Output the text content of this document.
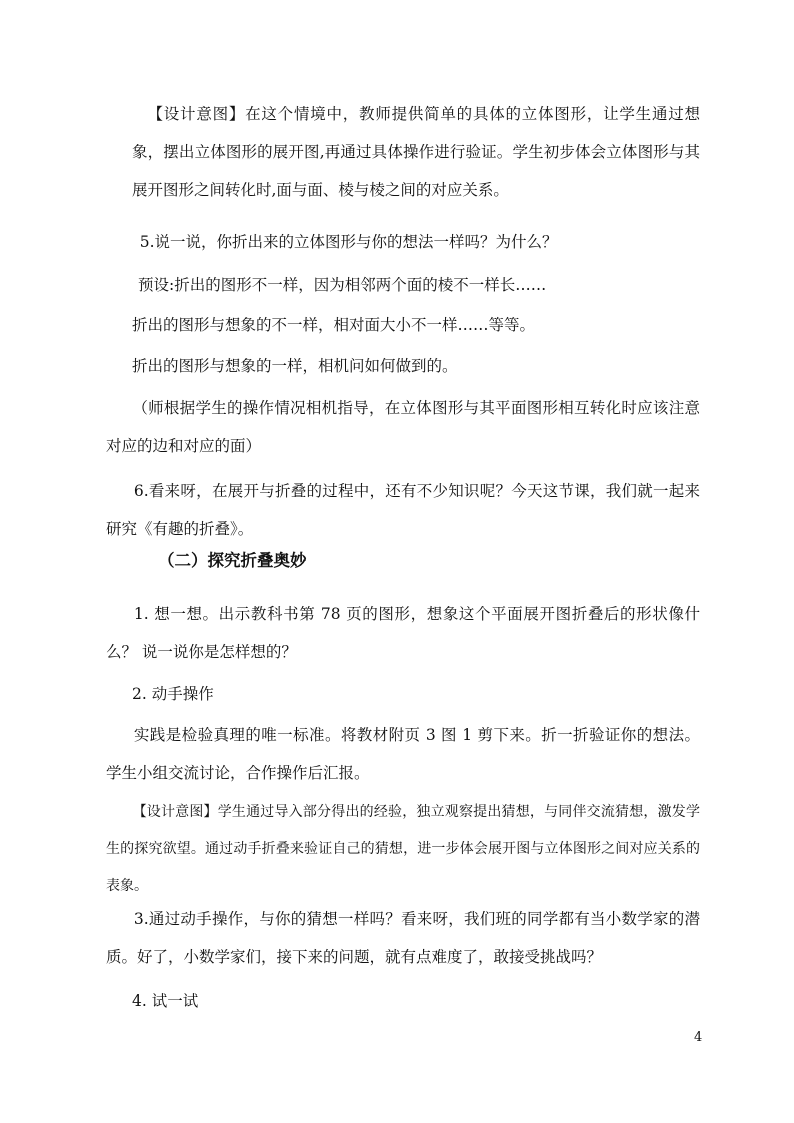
【设计意图】在这个情境中，教师提供简单的具体的立体图形，让学生通过想象，摆出立体图形的展开图,再通过具体操作进行验证。学生初步体会立体图形与其展开图形之间转化时,面与面、棱与棱之间的对应关系。

5.说一说，你折出来的立体图形与你的想法一样吗？为什么？

预设:折出的图形不一样，因为相邻两个面的棱不一样长……

折出的图形与想象的不一样，相对面大小不一样……等等。

折出的图形与想象的一样，相机问如何做到的。

（师根据学生的操作情况相机指导，在立体图形与其平面图形相互转化时应该注意对应的边和对应的面）

6.看来呀，在展开与折叠的过程中，还有不少知识呢？今天这节课，我们就一起来研究《有趣的折叠》。

（二）探究折叠奥妙

1. 想一想。出示教科书第 78 页的图形，想象这个平面展开图折叠后的形状像什么？ 说一说你是怎样想的？

2. 动手操作

实践是检验真理的唯一标准。将教材附页 3 图 1 剪下来。折一折验证你的想法。学生小组交流讨论，合作操作后汇报。

【设计意图】学生通过导入部分得出的经验，独立观察提出猜想，与同伴交流猜想，激发学生的探究欲望。通过动手折叠来验证自己的猜想，进一步体会展开图与立体图形之间对应关系的表象。

3.通过动手操作，与你的猜想一样吗？看来呀，我们班的同学都有当小数学家的潜质。好了，小数学家们，接下来的问题，就有点难度了，敢接受挑战吗？

4. 试一试

4
